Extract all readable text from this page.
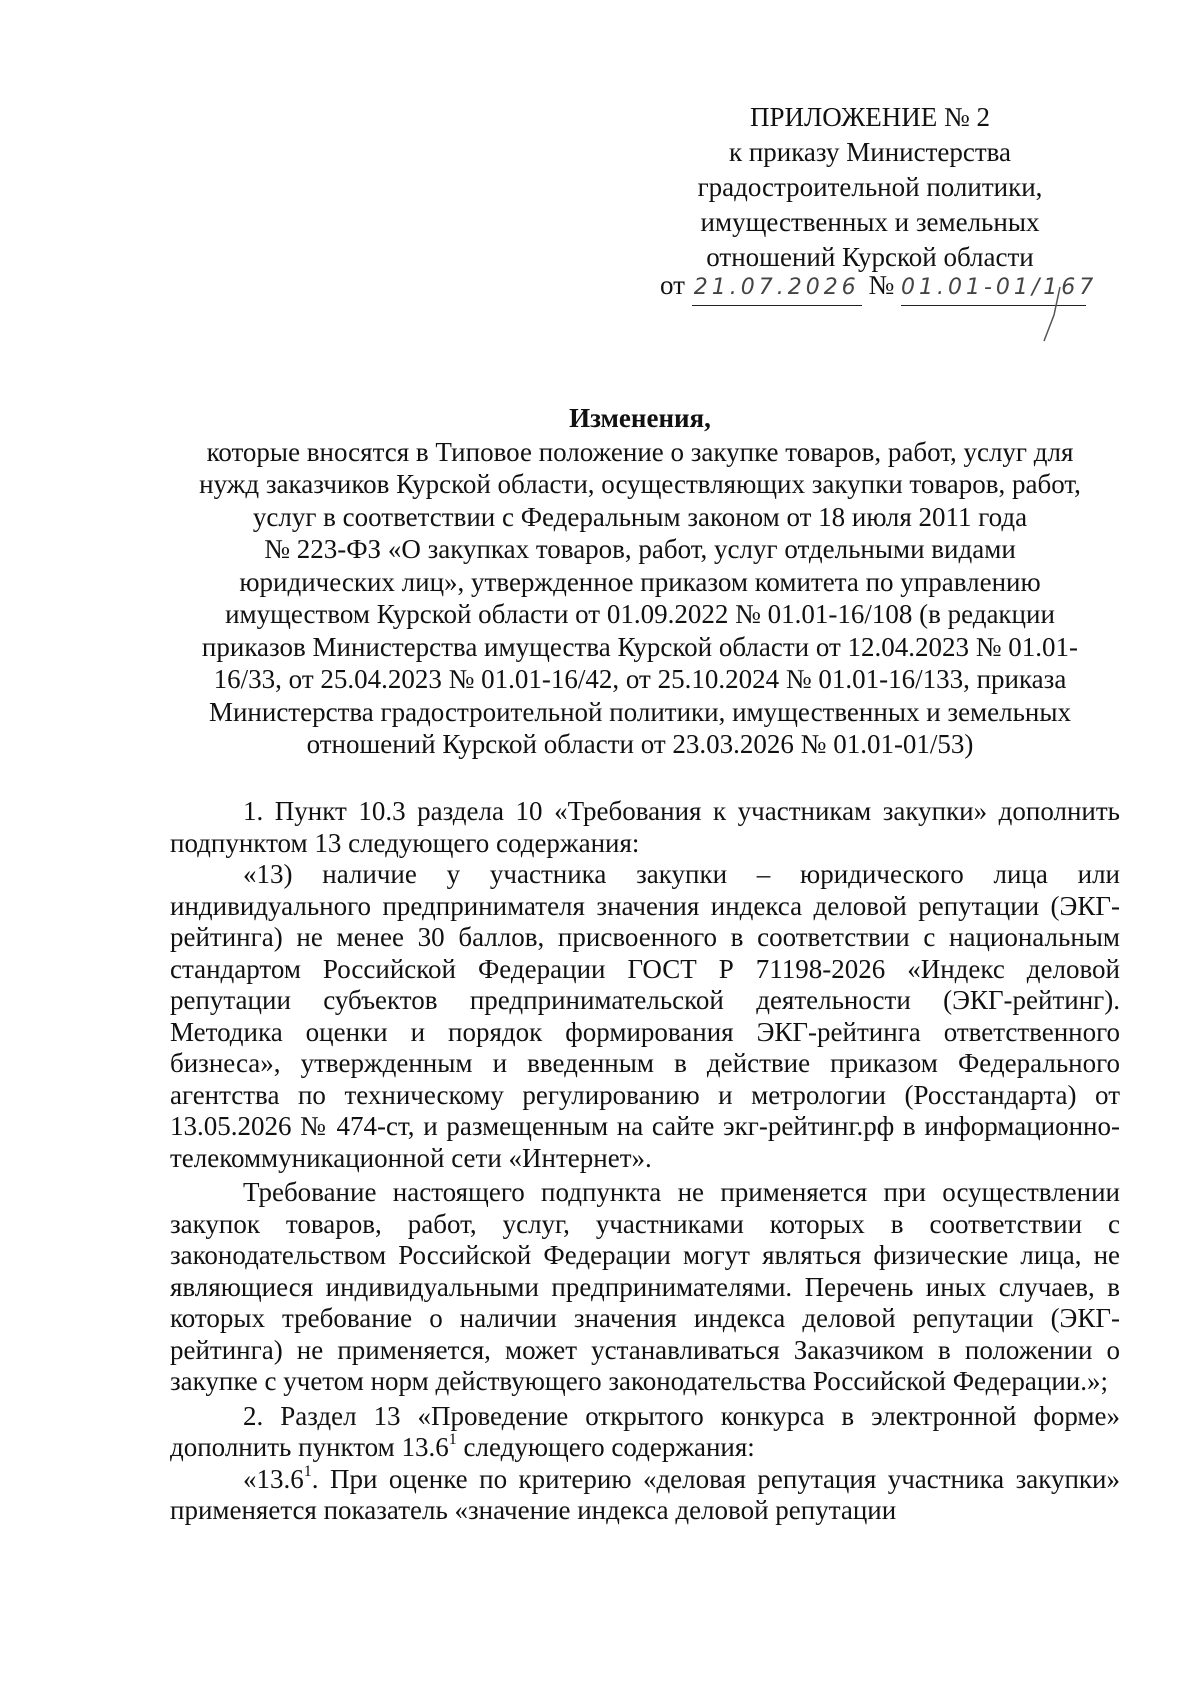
ПРИЛОЖЕНИЕ № 2
к приказу Министерства
градостроительной политики,
имущественных и земельных
отношений Курской области
от 21.07.2026 № 01.01-01/167
Изменения,
которые вносятся в Типовое положение о закупке товаров, работ, услуг для
нужд заказчиков Курской области, осуществляющих закупки товаров, работ,
услуг в соответствии с Федеральным законом от 18 июля 2011 года
№ 223-ФЗ «О закупках товаров, работ, услуг отдельными видами
юридических лиц», утвержденное приказом комитета по управлению
имуществом Курской области от 01.09.2022 № 01.01-16/108 (в редакции
приказов Министерства имущества Курской области от 12.04.2023 № 01.01-
16/33, от 25.04.2023 № 01.01-16/42, от 25.10.2024 № 01.01-16/133, приказа
Министерства градостроительной политики, имущественных и земельных
отношений Курской области от 23.03.2026 № 01.01-01/53)

1. Пункт 10.3 раздела 10 «Требования к участникам закупки» дополнить подпунктом 13 следующего содержания:

«13) наличие у участника закупки – юридического лица или индивидуального предпринимателя значения индекса деловой репутации (ЭКГ-рейтинга) не менее 30 баллов, присвоенного в соответствии с национальным стандартом Российской Федерации ГОСТ Р 71198-2026 «Индекс деловой репутации субъектов предпринимательской деятельности (ЭКГ-рейтинг). Методика оценки и порядок формирования ЭКГ-рейтинга ответственного бизнеса», утвержденным и введенным в действие приказом Федерального агентства по техническому регулированию и метрологии (Росстандарта) от 13.05.2026 № 474-ст, и размещенным на сайте экг-рейтинг.рф в информационно-телекоммуникационной сети «Интернет».

Требование настоящего подпункта не применяется при осуществлении закупок товаров, работ, услуг, участниками которых в соответствии с законодательством Российской Федерации могут являться физические лица, не являющиеся индивидуальными предпринимателями. Перечень иных случаев, в которых требование о наличии значения индекса деловой репутации (ЭКГ-рейтинга) не применяется, может устанавливаться Заказчиком в положении о закупке с учетом норм действующего законодательства Российской Федерации.»;

2. Раздел 13 «Проведение открытого конкурса в электронной форме» дополнить пунктом 13.6$^1$ следующего содержания:

«13.6$^1$. При оценке по критерию «деловая репутация участника закупки» применяется показатель «значение индекса деловой репутации
